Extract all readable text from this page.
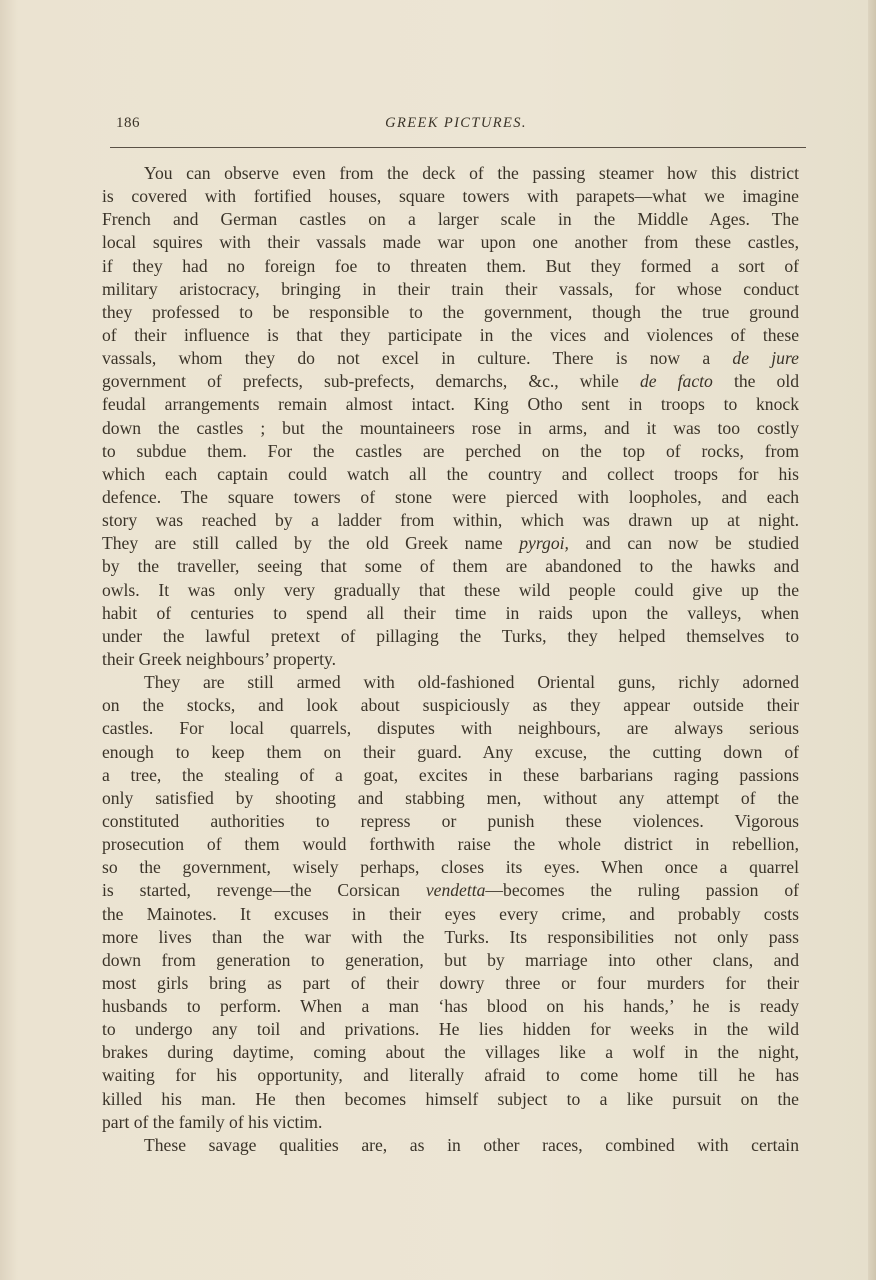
186	GREEK PICTURES.
You can observe even from the deck of the passing steamer how this district
is covered with fortified houses, square towers with parapets—what we imagine
French and German castles on a larger scale in the Middle Ages. The
local squires with their vassals made war upon one another from these castles,
if they had no foreign foe to threaten them. But they formed a sort of
military aristocracy, bringing in their train their vassals, for whose conduct
they professed to be responsible to the government, though the true ground
of their influence is that they participate in the vices and violences of these
vassals, whom they do not excel in culture. There is now a de jure
government of prefects, sub-prefects, demarchs, &c., while de facto the old
feudal arrangements remain almost intact. King Otho sent in troops to knock
down the castles ; but the mountaineers rose in arms, and it was too costly
to subdue them. For the castles are perched on the top of rocks, from
which each captain could watch all the country and collect troops for his
defence. The square towers of stone were pierced with loopholes, and each
story was reached by a ladder from within, which was drawn up at night.
They are still called by the old Greek name pyrgoi, and can now be studied
by the traveller, seeing that some of them are abandoned to the hawks and
owls. It was only very gradually that these wild people could give up the
habit of centuries to spend all their time in raids upon the valleys, when
under the lawful pretext of pillaging the Turks, they helped themselves to
their Greek neighbours’ property.
They are still armed with old-fashioned Oriental guns, richly adorned
on the stocks, and look about suspiciously as they appear outside their
castles. For local quarrels, disputes with neighbours, are always serious
enough to keep them on their guard. Any excuse, the cutting down of
a tree, the stealing of a goat, excites in these barbarians raging passions
only satisfied by shooting and stabbing men, without any attempt of the
constituted authorities to repress or punish these violences. Vigorous
prosecution of them would forthwith raise the whole district in rebellion,
so the government, wisely perhaps, closes its eyes. When once a quarrel
is started, revenge—the Corsican vendetta—becomes the ruling passion of
the Mainotes. It excuses in their eyes every crime, and probably costs
more lives than the war with the Turks. Its responsibilities not only pass
down from generation to generation, but by marriage into other clans, and
most girls bring as part of their dowry three or four murders for their
husbands to perform. When a man ‘has blood on his hands,’ he is ready
to undergo any toil and privations. He lies hidden for weeks in the wild
brakes during daytime, coming about the villages like a wolf in the night,
waiting for his opportunity, and literally afraid to come home till he has
killed his man. He then becomes himself subject to a like pursuit on the
part of the family of his victim.
These savage qualities are, as in other races, combined with certain
